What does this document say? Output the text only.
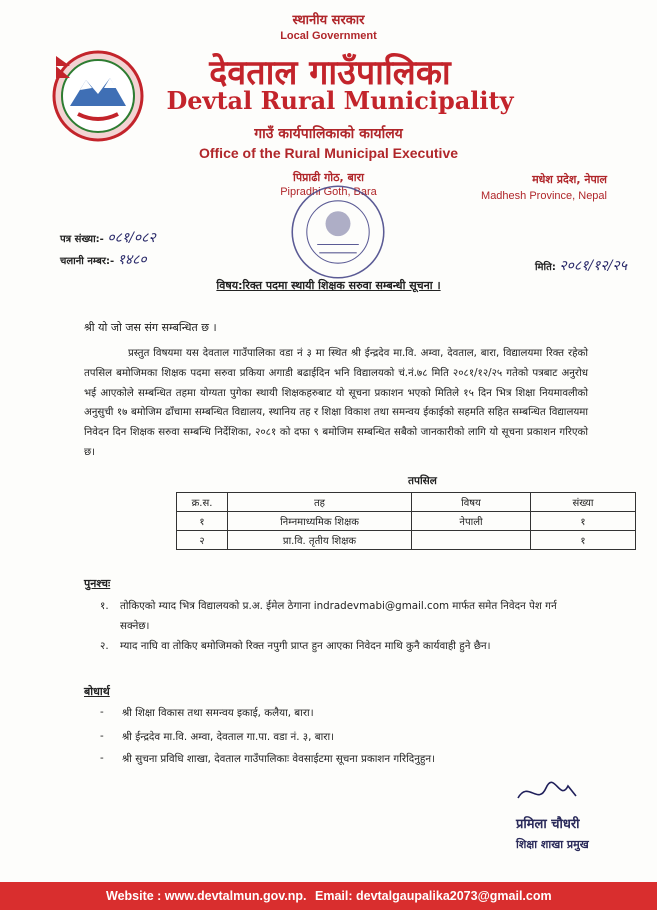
स्थानीय सरकार
Local Government
देवताल गाउँपालिका
Devtal Rural Municipality
गाउँ कार्यपालिकाको कार्यालय
Office of the Rural Municipal Executive
पिप्राढी गोठ, बारा
Pipradhi Goth, Bara
मधेश प्रदेश, नेपाल
Madhesh Province, Nepal
पत्र संख्या:- ०८१/०८२
चलानी नम्बर:- १४८०	मिति: २०८१/१२/२५
विषय:रिक्त पदमा स्थायी शिक्षक सरुवा सम्बन्धी सूचना ।
श्री यो जो जस संग सम्बन्धित छ ।
प्रस्तुत विषयमा यस देवताल गाउँपालिका वडा नं ३ मा स्थित श्री ईन्द्रदेव मा.वि. अम्वा, देवताल, बारा, विद्यालयमा रिक्त रहेको तपसिल बमोजिमका शिक्षक पदमा सरुवा प्रकिया अगाडी बढाईदिन भनि विद्यालयको चं.नं.७८ मिति २०८१/१२/२५ गतेको पत्रबाट अनुरोध भई आएकोले सम्बन्धित तहमा योग्यता पुगेका स्थायी शिक्षकहरुबाट यो सूचना प्रकाशन भएको मितिले १५ दिन भित्र शिक्षा नियमावलीको अनुसुची १७ बमोजिम ढाँचामा सम्बन्धित विद्यालय, स्थानिय तह र शिक्षा विकाश तथा समन्वय ईकाईको सहमति सहित सम्बन्धित विद्यालयमा निवेदन दिन शिक्षक सरुवा सम्बन्धि निर्देशिका, २०८१ को दफा ९ बमोजिम सम्बन्धित सबैको जानकारीको लागि यो सूचना प्रकाशन गरिएको छ।
तपसिल
क्र.स.	तह	विषय	संख्या
१	निम्नमाध्यमिक शिक्षक	नेपाली	१
२	प्रा.वि. तृतीय शिक्षक		१
पुनश्चः
१.	तोकिएको म्याद भित्र विद्यालयको प्र.अ. ईमेल ठेगाना indradevmabi@gmail.com मार्फत समेत निवेदन पेश गर्न सक्नेछ।
२.	म्याद नाघि वा तोकिए बमोजिमको रिक्त नपुगी प्राप्त हुन आएका निवेदन माथि कुनै कार्यवाही हुने छैन।
बोधार्थ
- श्री शिक्षा विकास तथा समन्वय इकाई, कलैया, बारा।
- श्री ईन्द्रदेव मा.वि. अम्वा, देवताल गा.पा. वडा नं. ३, बारा।
- श्री सुचना प्रविधि शाखा, देवताल गाउँपालिकाः वेवसाईटमा सूचना प्रकाशन गरिदिनुहुन।
प्रमिला चौधरी
शिक्षा शाखा प्रमुख
Website : www.devtalmun.gov.np. Email: devtalgaupalika2073@gmail.com
